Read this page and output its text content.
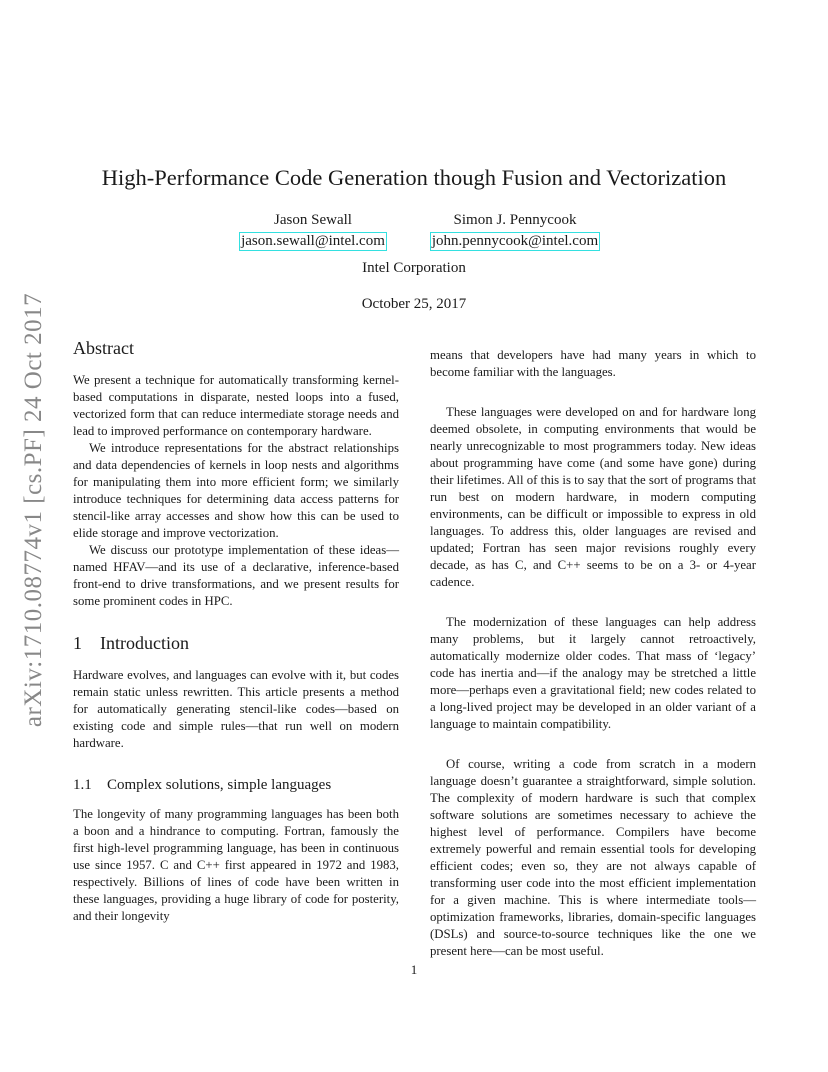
arXiv:1710.08774v1 [cs.PF] 24 Oct 2017
High-Performance Code Generation though Fusion and Vectorization
Jason Sewall
jason.sewall@intel.com
Simon J. Pennycook
john.pennycook@intel.com
Intel Corporation
October 25, 2017
Abstract

We present a technique for automatically transforming kernel-based computations in disparate, nested loops into a fused, vectorized form that can reduce intermediate storage needs and lead to improved performance on contemporary hardware.

We introduce representations for the abstract relationships and data dependencies of kernels in loop nests and algorithms for manipulating them into more efficient form; we similarly introduce techniques for determining data access patterns for stencil-like array accesses and show how this can be used to elide storage and improve vectorization.

We discuss our prototype implementation of these ideas—named HFAV—and its use of a declarative, inference-based front-end to drive transformations, and we present results for some prominent codes in HPC.

1 Introduction

Hardware evolves, and languages can evolve with it, but codes remain static unless rewritten. This article presents a method for automatically generating stencil-like codes—based on existing code and simple rules—that run well on modern hardware.

1.1 Complex solutions, simple languages

The longevity of many programming languages has been both a boon and a hindrance to computing. Fortran, famously the first high-level programming language, has been in continuous use since 1957. C and C++ first appeared in 1972 and 1983, respectively. Billions of lines of code have been written in these languages, providing a huge library of code for posterity, and their longevity

means that developers have had many years in which to become familiar with the languages.

These languages were developed on and for hardware long deemed obsolete, in computing environments that would be nearly unrecognizable to most programmers today. New ideas about programming have come (and some have gone) during their lifetimes. All of this is to say that the sort of programs that run best on modern hardware, in modern computing environments, can be difficult or impossible to express in old languages. To address this, older languages are revised and updated; Fortran has seen major revisions roughly every decade, as has C, and C++ seems to be on a 3- or 4-year cadence.

The modernization of these languages can help address many problems, but it largely cannot retroactively, automatically modernize older codes. That mass of ‘legacy’ code has inertia and—if the analogy may be stretched a little more—perhaps even a gravitational field; new codes related to a long-lived project may be developed in an older variant of a language to maintain compatibility.

Of course, writing a code from scratch in a modern language doesn’t guarantee a straightforward, simple solution. The complexity of modern hardware is such that complex software solutions are sometimes necessary to achieve the highest level of performance. Compilers have become extremely powerful and remain essential tools for developing efficient codes; even so, they are not always capable of transforming user code into the most efficient implementation for a given machine. This is where intermediate tools—optimization frameworks, libraries, domain-specific languages (DSLs) and source-to-source techniques like the one we present here—can be most useful.

1
